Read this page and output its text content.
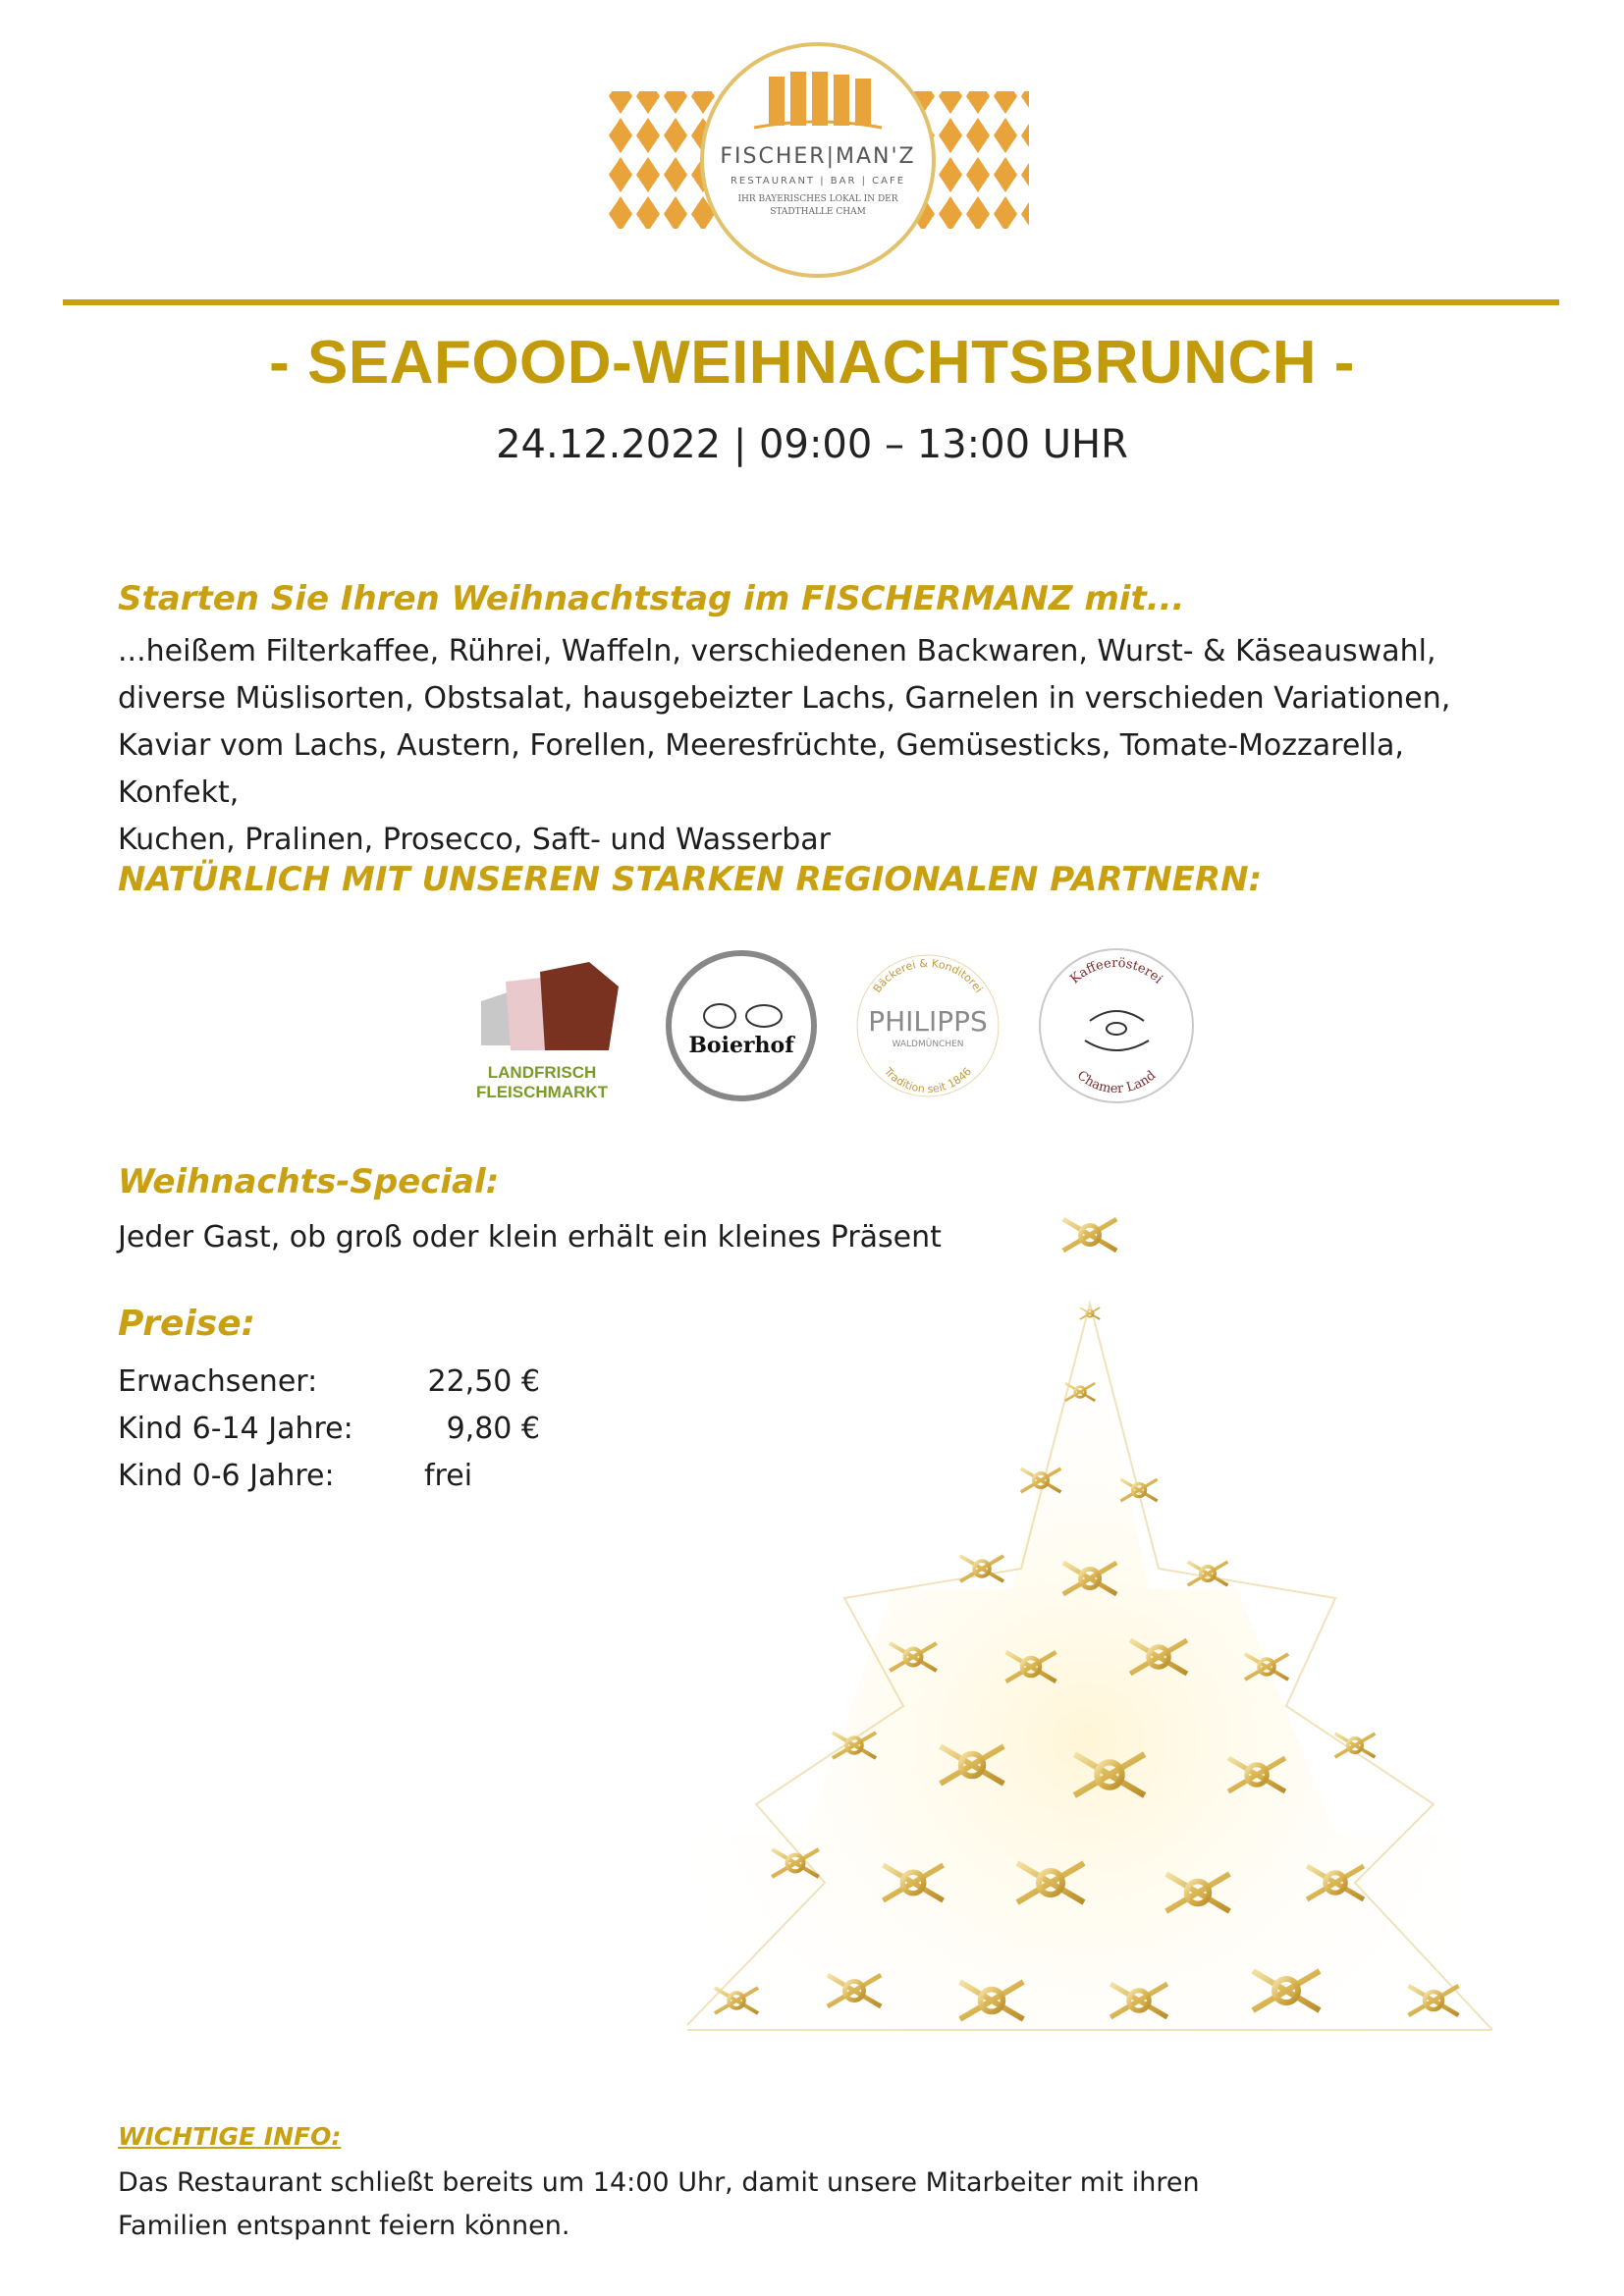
FISCHER|MAN'Z
RESTAURANT | BAR | CAFE
IHR BAYERISCHES LOKAL IN DER
STADTHALLE CHAM
- SEAFOOD-WEIHNACHTSBRUNCH -
24.12.2022 | 09:00 – 13:00 UHR
Starten Sie Ihren Weihnachtstag im FISCHERMANZ mit...
...heißem Filterkaffee, Rührei, Waffeln, verschiedenen Backwaren, Wurst- & Käseauswahl,
diverse Müslisorten, Obstsalat, hausgebeizter Lachs, Garnelen in verschieden Variationen,
Kaviar vom Lachs, Austern, Forellen, Meeresfrüchte, Gemüsesticks, Tomate-Mozzarella, Konfekt,
Kuchen, Pralinen, Prosecco, Saft- und Wasserbar
NATÜRLICH MIT UNSEREN STARKEN REGIONALEN PARTNERN:
LANDFRISCH
FLEISCHMARKT
Boierhof
Bäckerei & Konditorei
PHILIPPS
WALDMÜNCHEN
Tradition seit 1846
Kaffeerösterei
Chamer Land
Weihnachts-Special:
Jeder Gast, ob groß oder klein erhält ein kleines Präsent
Preise:
Erwachsener:	22,50 €
Kind 6-14 Jahre:	9,80 €
Kind 0-6 Jahre:	frei
WICHTIGE INFO:
Das Restaurant schließt bereits um 14:00 Uhr, damit unsere Mitarbeiter mit ihren
Familien entspannt feiern können.
